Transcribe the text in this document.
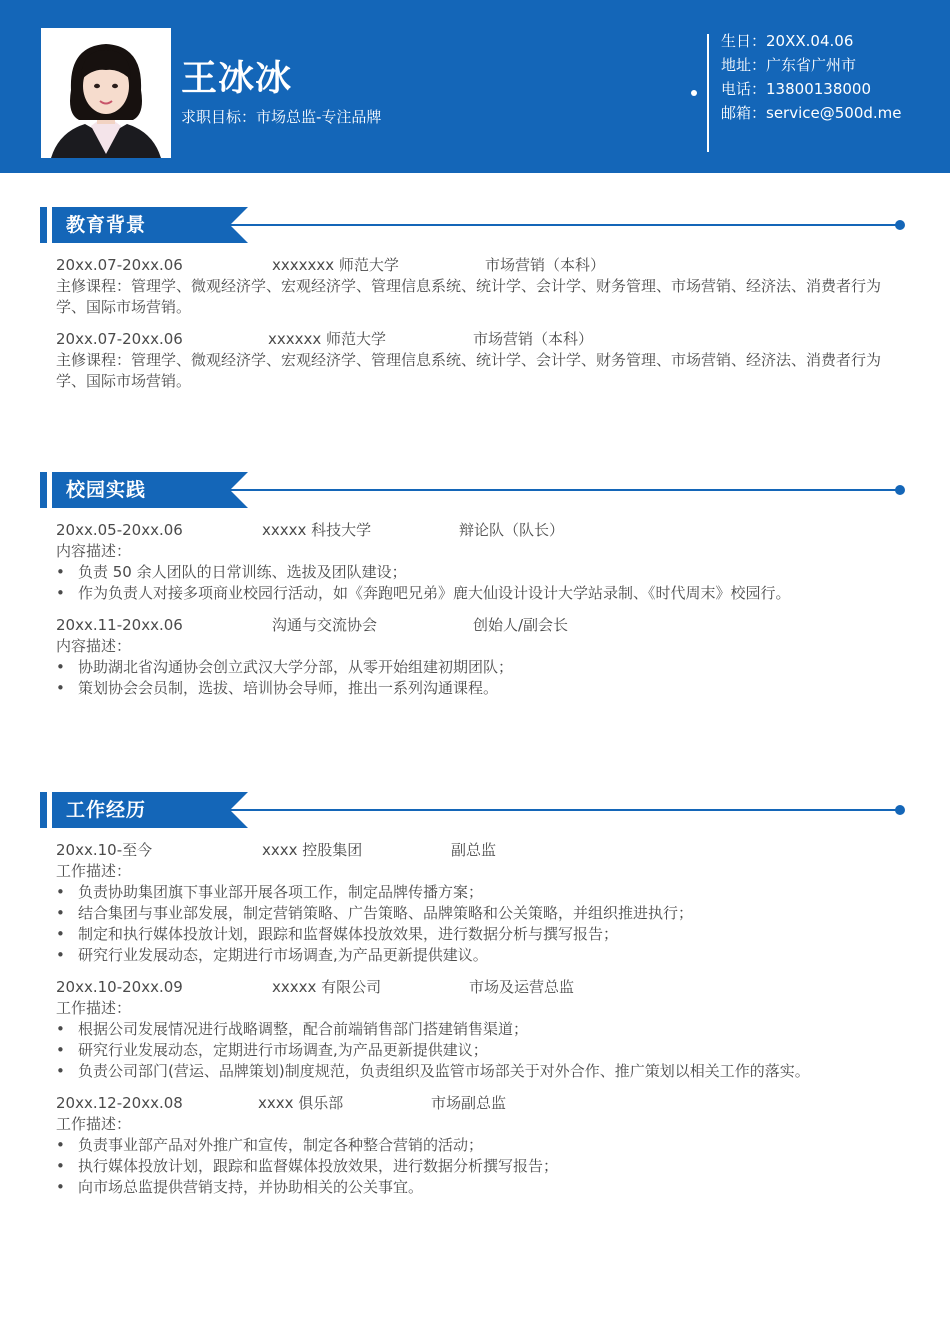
王冰冰
求职目标：市场总监-专注品牌
生日：20XX.04.06
地址：广东省广州市
电话：13800138000
邮箱：service@500d.me
教育背景
20xx.07-20xx.06	xxxxxxx 师范大学	市场营销（本科）
主修课程：管理学、微观经济学、宏观经济学、管理信息系统、统计学、会计学、财务管理、市场营销、经济法、消费者行为学、国际市场营销。
20xx.07-20xx.06	xxxxxx 师范大学	市场营销（本科）
主修课程：管理学、微观经济学、宏观经济学、管理信息系统、统计学、会计学、财务管理、市场营销、经济法、消费者行为学、国际市场营销。
校园实践
20xx.05-20xx.06	xxxxx 科技大学	辩论队（队长）
内容描述：
• 负责 50 余人团队的日常训练、选拔及团队建设；
• 作为负责人对接多项商业校园行活动，如《奔跑吧兄弟》鹿大仙设计设计大学站录制、《时代周末》校园行。
20xx.11-20xx.06	沟通与交流协会	创始人/副会长
内容描述：
• 协助湖北省沟通协会创立武汉大学分部，从零开始组建初期团队；
• 策划协会会员制，选拔、培训协会导师，推出一系列沟通课程。
工作经历
20xx.10-至今	xxxx 控股集团	副总监
工作描述：
• 负责协助集团旗下事业部开展各项工作，制定品牌传播方案；
• 结合集团与事业部发展，制定营销策略、广告策略、品牌策略和公关策略，并组织推进执行；
• 制定和执行媒体投放计划，跟踪和监督媒体投放效果，进行数据分析与撰写报告；
• 研究行业发展动态，定期进行市场调查,为产品更新提供建议。
20xx.10-20xx.09	xxxxx 有限公司	市场及运营总监
工作描述：
• 根据公司发展情况进行战略调整，配合前端销售部门搭建销售渠道；
• 研究行业发展动态，定期进行市场调查,为产品更新提供建议；
• 负责公司部门(营运、品牌策划)制度规范，负责组织及监管市场部关于对外合作、推广策划以相关工作的落实。
20xx.12-20xx.08	xxxx 俱乐部	市场副总监
工作描述：
• 负责事业部产品对外推广和宣传，制定各种整合营销的活动；
• 执行媒体投放计划，跟踪和监督媒体投放效果，进行数据分析撰写报告；
• 向市场总监提供营销支持，并协助相关的公关事宜。
